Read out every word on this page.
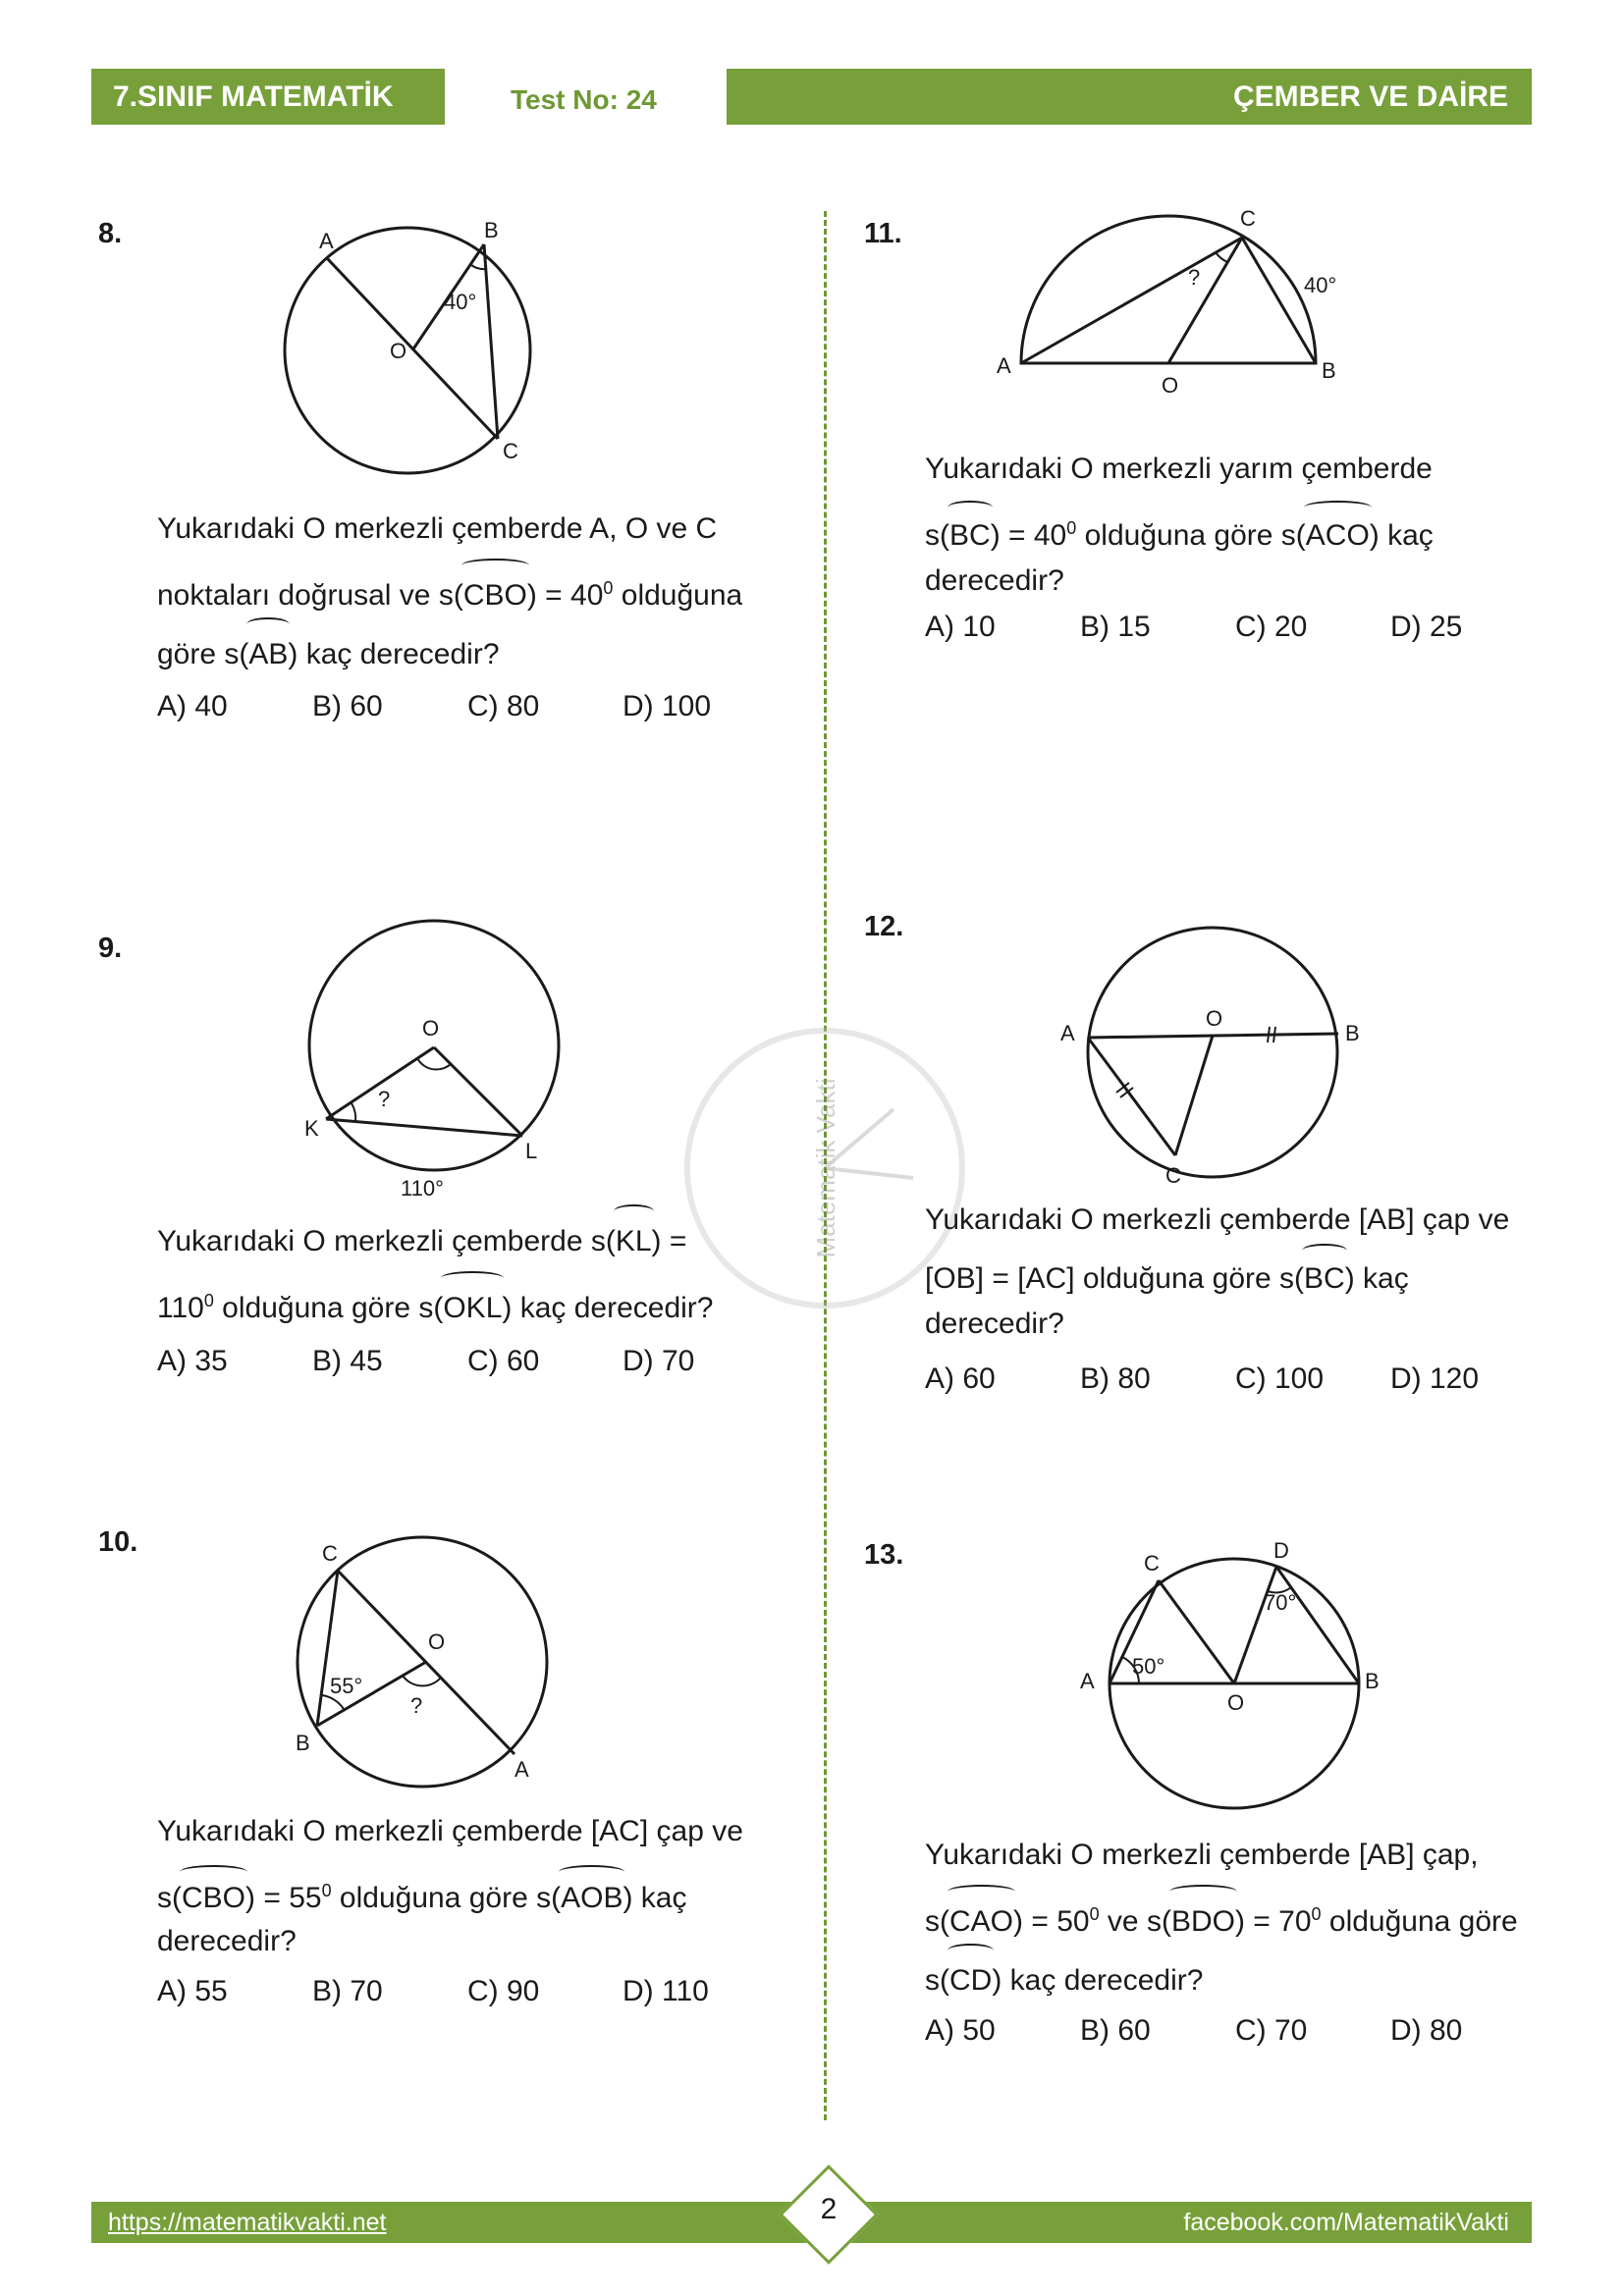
7.SINIF MATEMATİK	Test No: 24	ÇEMBER VE DAİRE
Matematik Vakti
8.	A	B
C
O
40°
Yukarıdaki O merkezli çemberde A, O ve C
noktaları doğrusal ve $s(CBO) = 40^0$ olduğuna
göre s(AB) kaç derecedir?
A) 40	B) 60	C) 80	D) 100
9.
O
K
L
?
110°
Yukarıdaki O merkezli çemberde s(KL) =
$110^0$ olduğuna göre s(OKL) kaç derecedir?
A) 35	B) 45	C) 60	D) 70
10.	C
O
B
A
55°
?
Yukarıdaki O merkezli çemberde [AC] çap ve
$s(CBO) = 55^0$ olduğuna göre s(AOB) kaç
derecedir?
A) 55	B) 70	C) 90	D) 110
11.	C
A
O
B
40°
?
Yukarıdaki O merkezli yarım çemberde
$s(BC) = 40^0$ olduğuna göre s(ACO) kaç
derecedir?
A) 10	B) 15	C) 20	D) 25
12.
O
A	B
C
Yukarıdaki O merkezli çemberde [AB] çap ve
[OB] = [AC] olduğuna göre s(BC) kaç
derecedir?
A) 60	B) 80	C) 100	D) 120
13.	C
D
A
O
B
50°
70°
Yukarıdaki O merkezli çemberde [AB] çap,
$s(CAO) = 50^0$ ve $s(BDO) = 70^0$ olduğuna göre
s(CD) kaç derecedir?
A) 50	B) 60	C) 70	D) 80
https://matematikvakti.net	facebook.com/MatematikVakti
2
